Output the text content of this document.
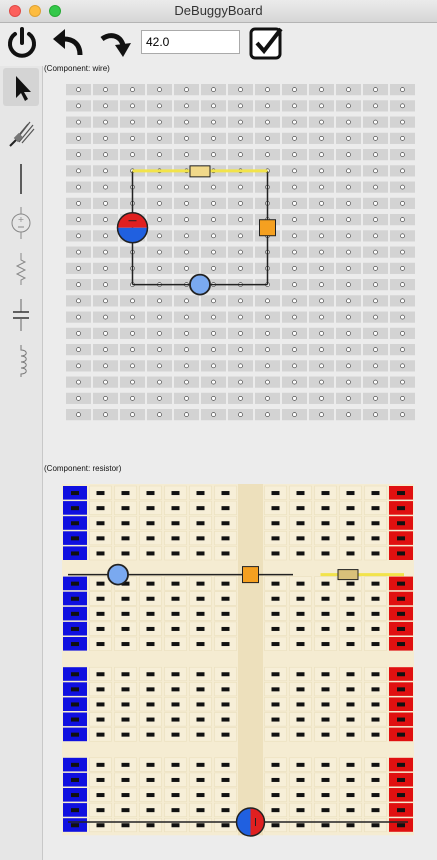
DeBuggyBoard
42.0
+
(Component: wire)
(Component: resistor)
